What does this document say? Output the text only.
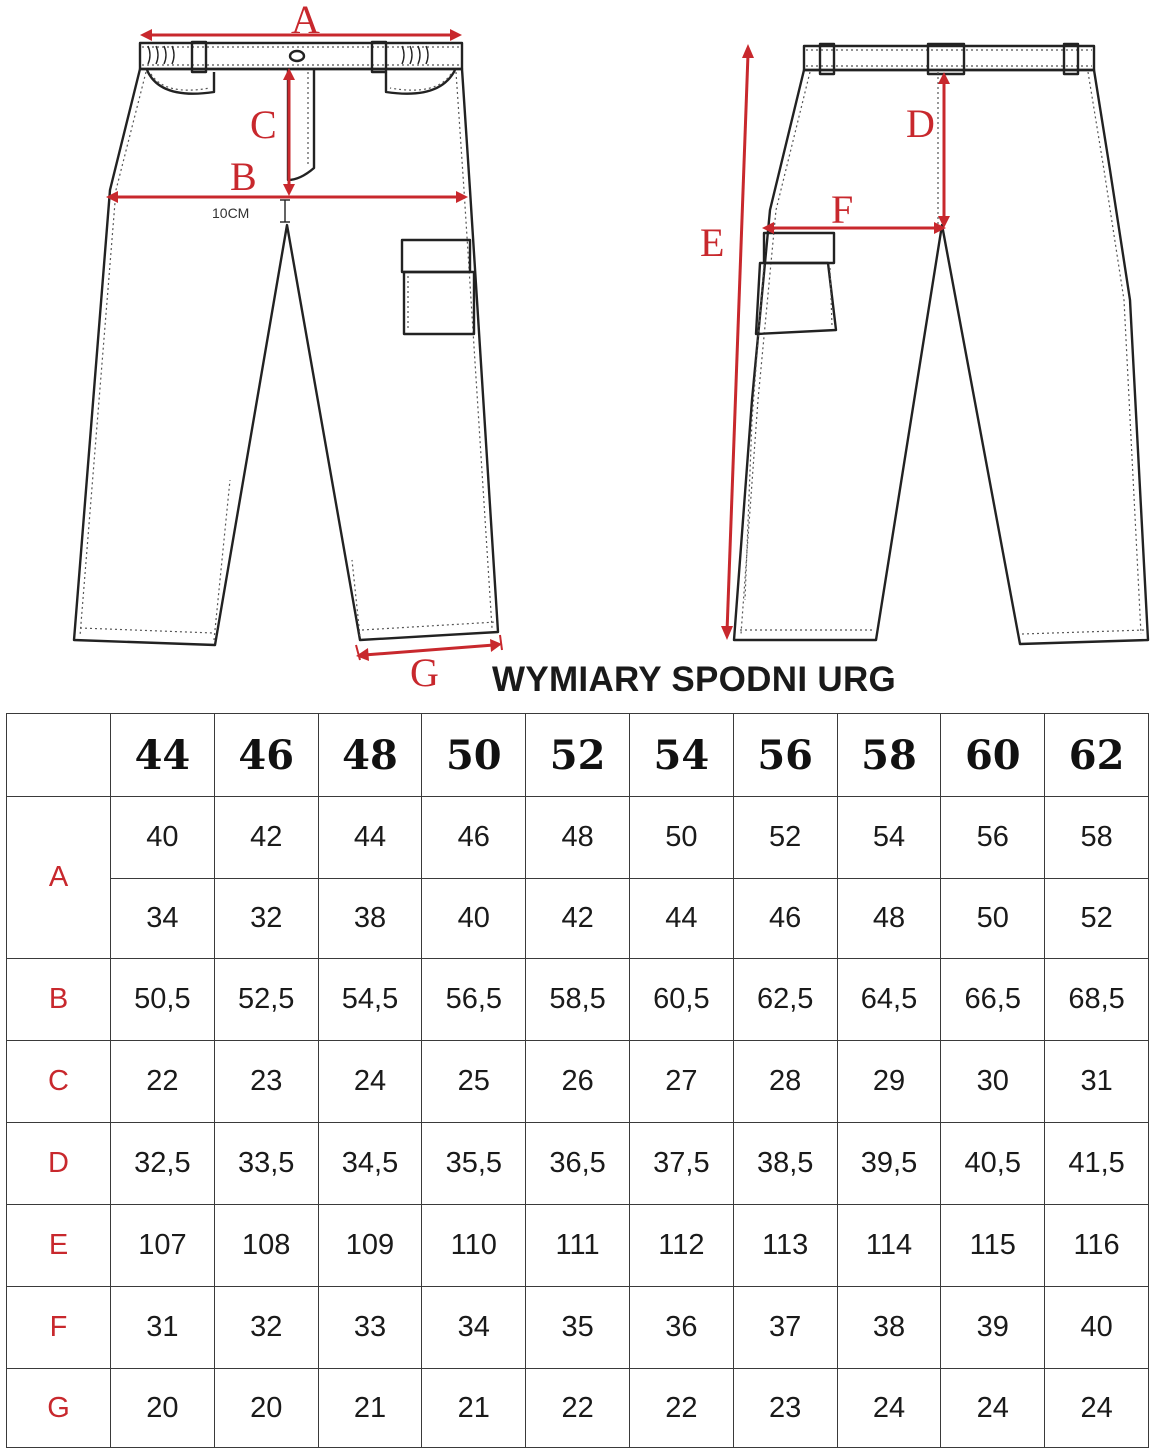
A
B
C
10CM
G
D
E
F
WYMIARY SPODNI URG
	44	46	48	50	52	54	56	58	60	62
A	40	42	44	46	48	50	52	54	56	58
	34	32	38	40	42	44	46	48	50	52
B	50,5	52,5	54,5	56,5	58,5	60,5	62,5	64,5	66,5	68,5
C	22	23	24	25	26	27	28	29	30	31
D	32,5	33,5	34,5	35,5	36,5	37,5	38,5	39,5	40,5	41,5
E	107	108	109	110	111	112	113	114	115	116
F	31	32	33	34	35	36	37	38	39	40
G	20	20	21	21	22	22	23	24	24	24
